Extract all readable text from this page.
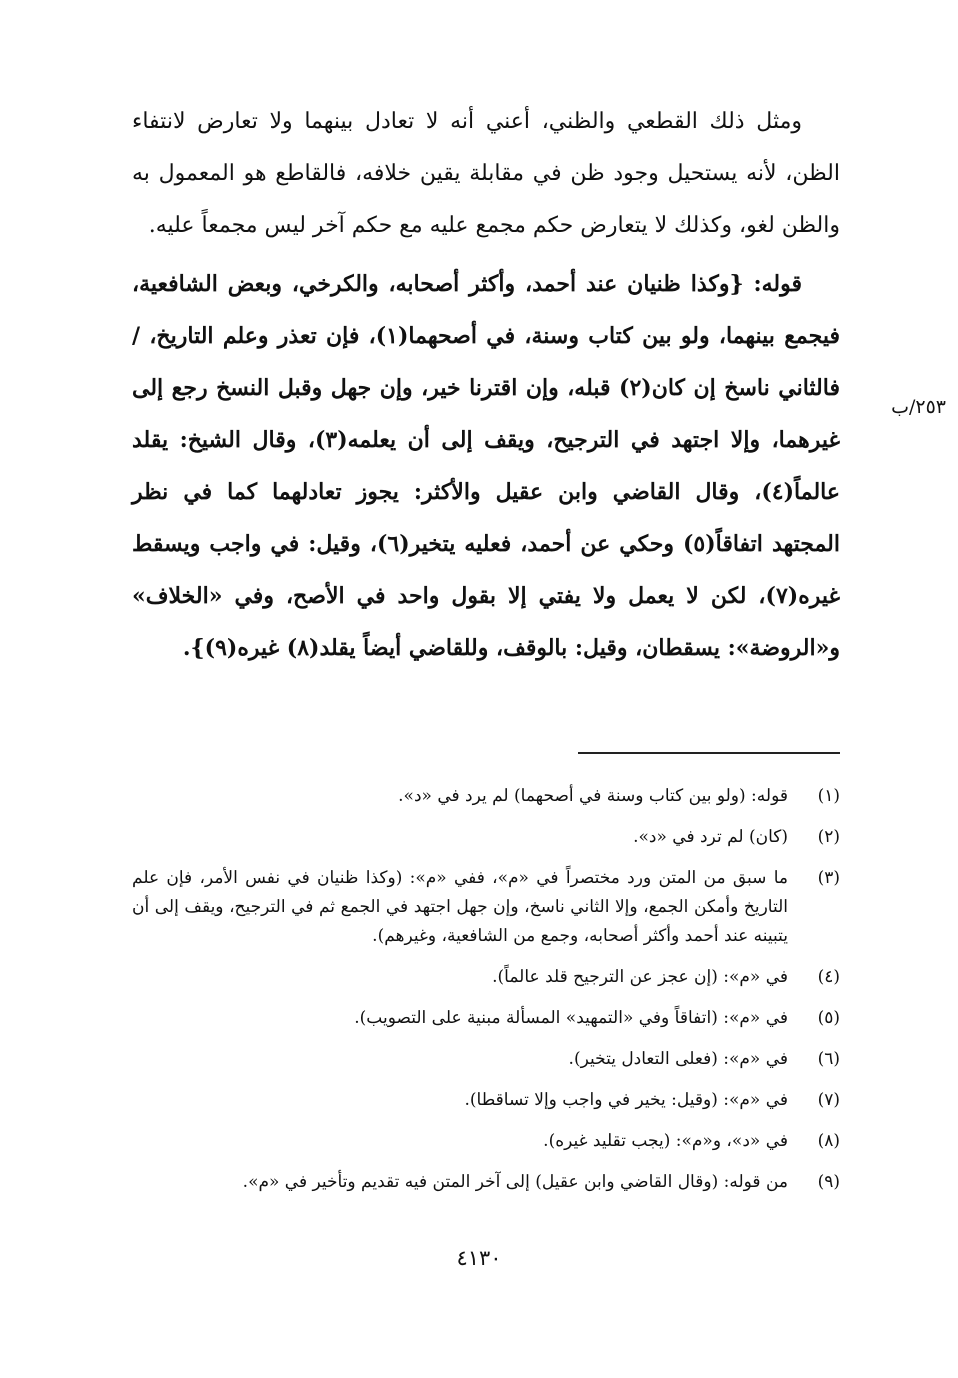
ومثل ذلك القطعي والظني، أعني أنه لا تعادل بينهما ولا تعارض لانتفاء الظن، لأنه يستحيل وجود ظن في مقابلة يقين خلافه، فالقاطع هو المعمول به والظن لغو، وكذلك لا يتعارض حكم مجمع عليه مع حكم آخر ليس مجمعاً عليه.

قوله: {وكذا ظنيان عند أحمد، وأكثر أصحابه، والكرخي، وبعض الشافعية، فيجمع بينهما، ولو بين كتاب وسنة، في أصحهما(١)، فإن تعذر وعلم التاريخ، / فالثاني ناسخ إن كان(٢) قبله، وإن اقترنا خير، وإن جهل وقبل النسخ رجع إلى غيرهما، وإلا اجتهد في الترجيح، ويقف إلى أن يعلمه(٣)، وقال الشيخ: يقلد عالماً(٤)، وقال القاضي وابن عقيل والأكثر: يجوز تعادلهما كما في نظر المجتهد اتفاقاً(٥) وحكي عن أحمد، فعليه يتخير(٦)، وقيل: في واجب ويسقط غيره(٧)، لكن لا يعمل ولا يفتي إلا بقول واحد في الأصح، وفي «الخلاف» و«الروضة»: يسقطان، وقيل: بالوقف، وللقاضي أيضاً يقلد(٨) غيره(٩)}.

٢٥٣/ب
(١)
قوله: (ولو بين كتاب وسنة في أصحهما) لم يرد في «د».
(٢)
(كان) لم ترد في «د».
(٣)
ما سبق من المتن ورد مختصراً في «م»، ففي «م»: (وكذا ظنيان في نفس الأمر، فإن علم التاريخ وأمكن الجمع، وإلا الثاني ناسخ، وإن جهل اجتهد في الجمع ثم في الترجيح، ويقف إلى أن يتبينه عند أحمد وأكثر أصحابه، وجمع من الشافعية، وغيرهم).
(٤)
في «م»: (إن عجز عن الترجيح قلد عالماً).
(٥)
في «م»: (اتفاقاً وفي «التمهيد» المسألة مبنية على التصويب).
(٦)
في «م»: (فعلى التعادل يتخير).
(٧)
في «م»: (وقيل: يخير في واجب وإلا تساقطا).
(٨)
في «د»، و«م»: (يجب تقليد غيره).
(٩)
من قوله: (وقال القاضي وابن عقيل) إلى آخر المتن فيه تقديم وتأخير في «م».
٤١٣٠
